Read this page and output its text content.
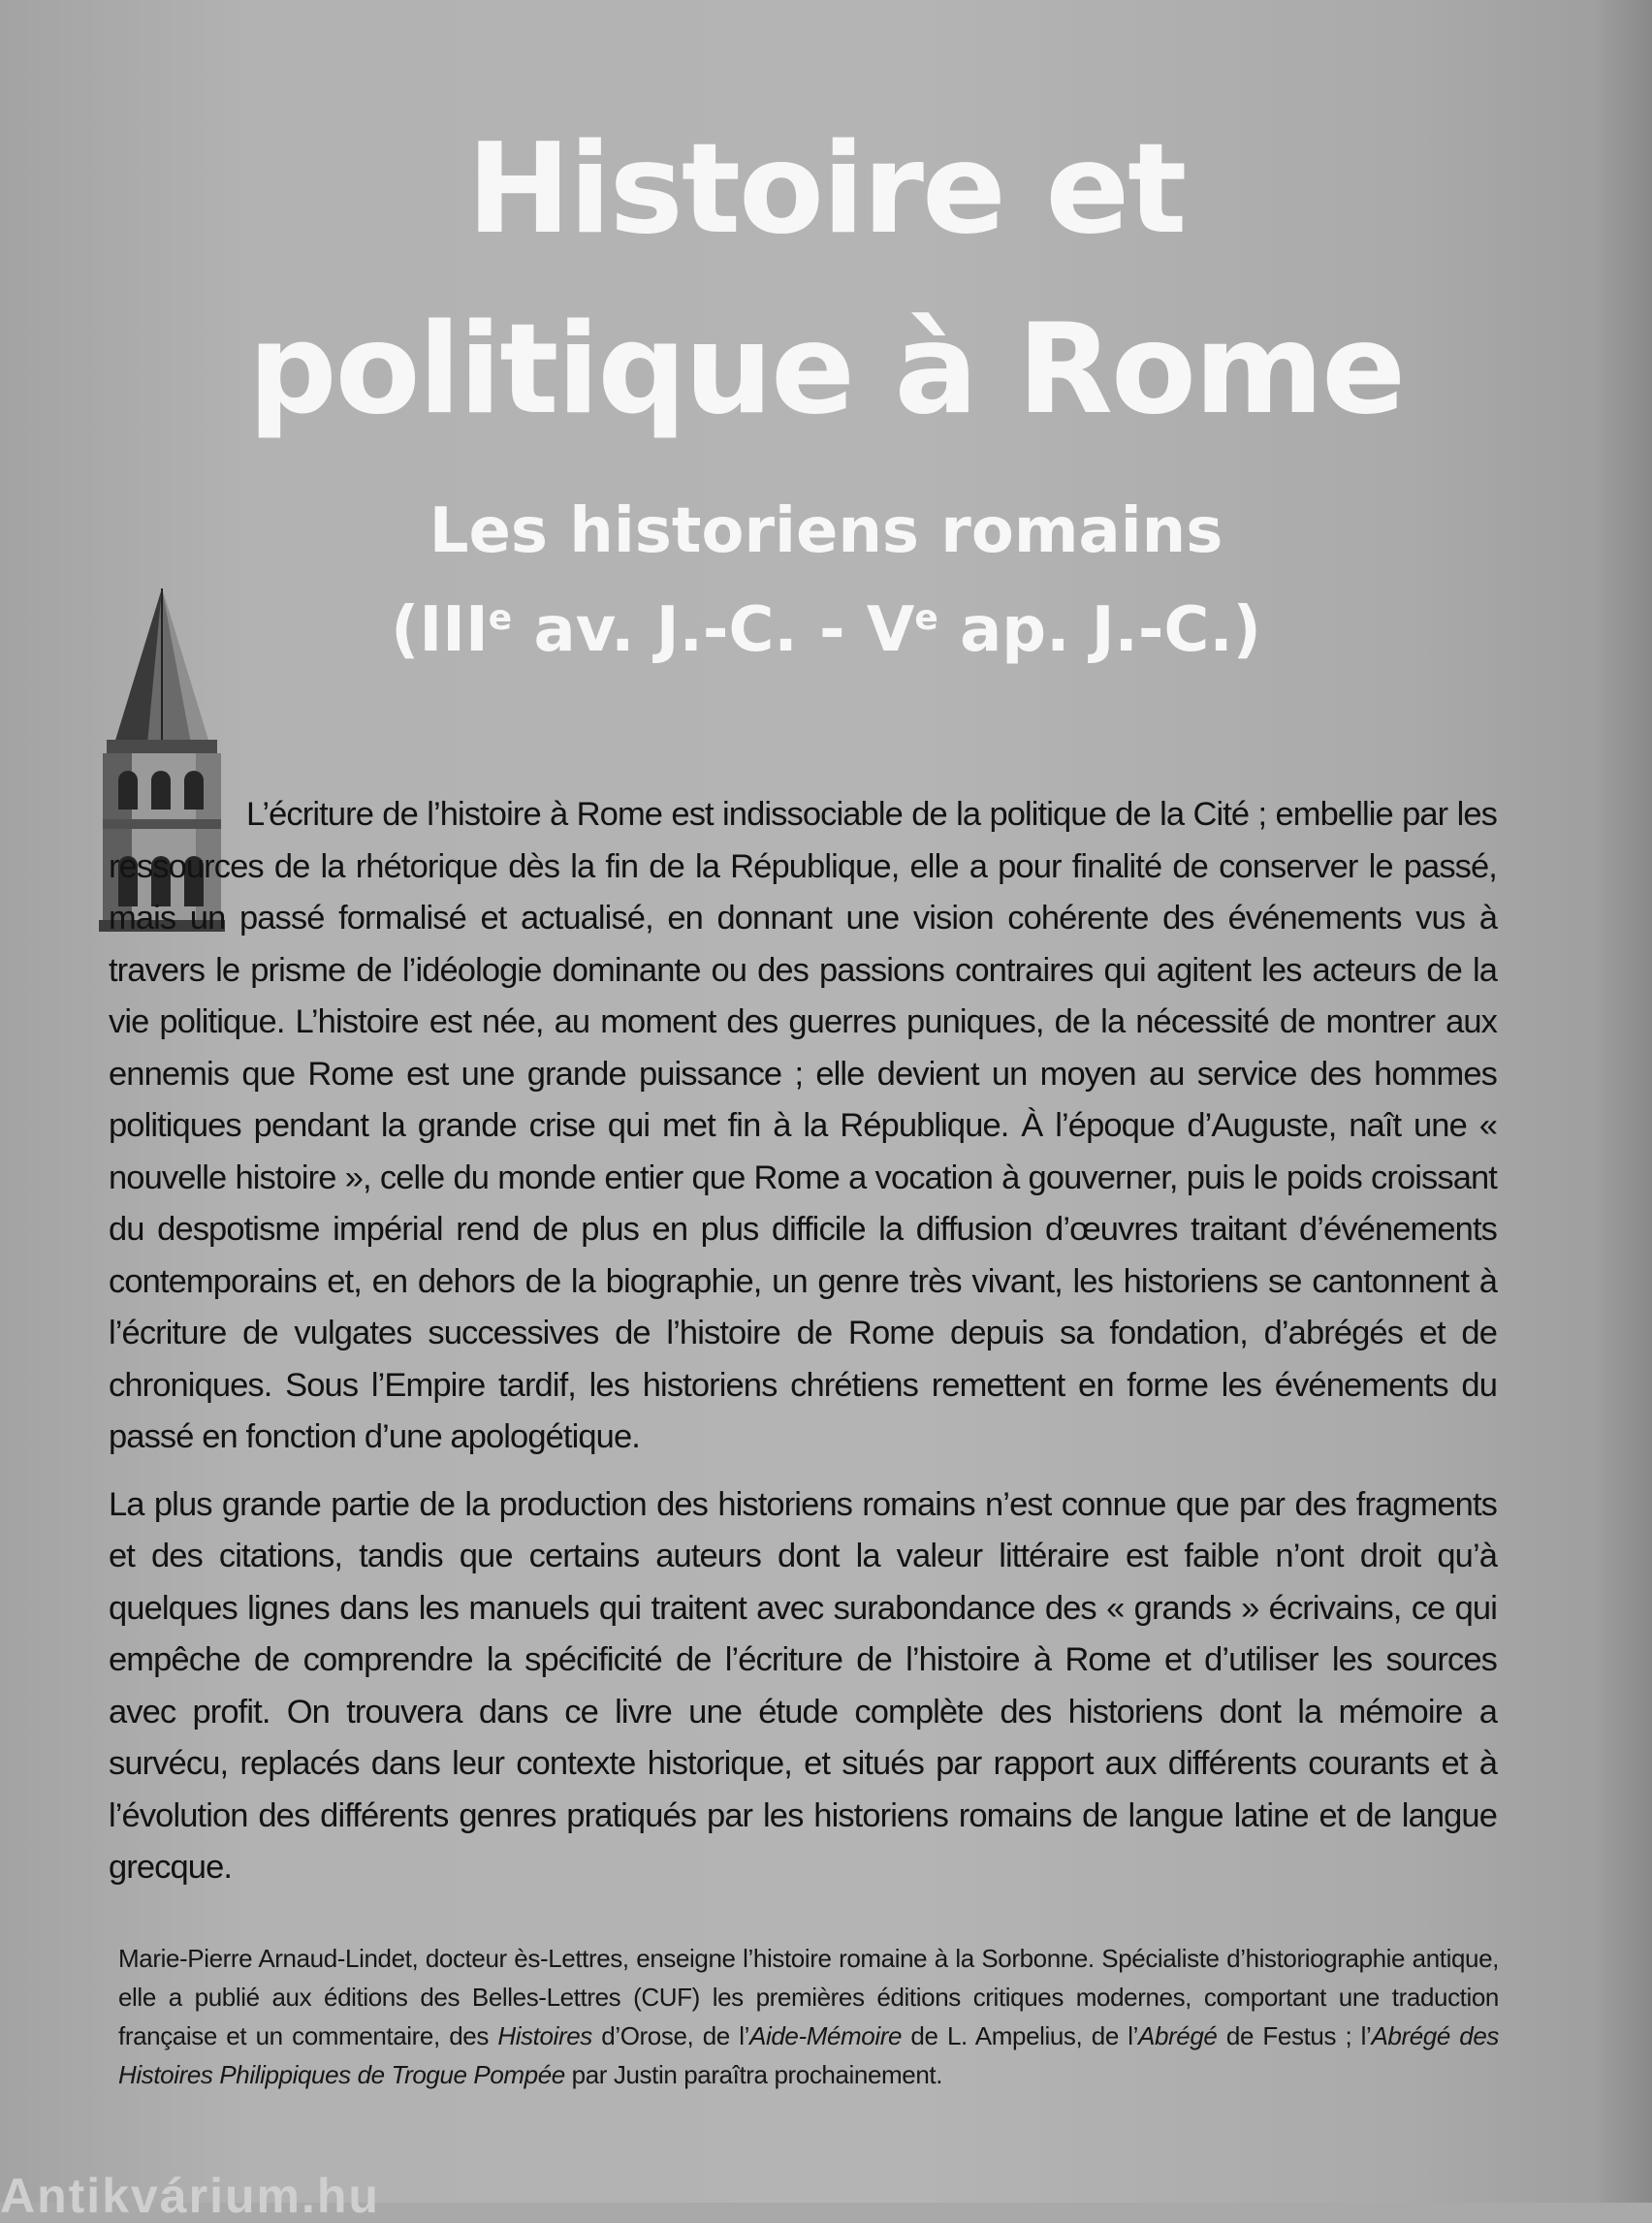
Histoire et
politique à Rome
Les historiens romains
(IIIe av. J.-C. - Ve ap. J.-C.)

L’écriture de l’histoire à Rome est indissociable de la politique de la Cité ; embellie par les ressources de la rhétorique dès la fin de la République, elle a pour finalité de conserver le passé, mais un passé formalisé et actualisé, en donnant une vision cohérente des événements vus à travers le prisme de l’idéologie dominante ou des passions contraires qui agitent les acteurs de la vie politique. L’histoire est née, au moment des guerres puniques, de la nécessité de montrer aux ennemis que Rome est une grande puissance ; elle devient un moyen au service des hommes politiques pendant la grande crise qui met fin à la République. À l’époque d’Auguste, naît une « nouvelle histoire », celle du monde entier que Rome a vocation à gouverner, puis le poids croissant du despotisme impérial rend de plus en plus difficile la diffusion d’œuvres traitant d’événements contemporains et, en dehors de la biographie, un genre très vivant, les historiens se cantonnent à l’écriture de vulgates successives de l’histoire de Rome depuis sa fondation, d’abrégés et de chroniques. Sous l’Empire tardif, les historiens chrétiens remettent en forme les événements du passé en fonction d’une apologétique.

La plus grande partie de la production des historiens romains n’est connue que par des fragments et des citations, tandis que certains auteurs dont la valeur littéraire est faible n’ont droit qu’à quelques lignes dans les manuels qui traitent avec surabondance des « grands » écrivains, ce qui empêche de comprendre la spécificité de l’écriture de l’histoire à Rome et d’utiliser les sources avec profit. On trouvera dans ce livre une étude complète des historiens dont la mémoire a survécu, replacés dans leur contexte historique, et situés par rapport aux différents courants et à l’évolution des différents genres pratiqués par les historiens romains de langue latine et de langue grecque.

Marie-Pierre Arnaud-Lindet, docteur ès-Lettres, enseigne l’histoire romaine à la Sorbonne. Spécialiste d’historiographie antique, elle a publié aux éditions des Belles-Lettres (CUF) les premières éditions critiques modernes, comportant une traduction française et un commentaire, des Histoires d’Orose, de l’Aide-Mémoire de L. Ampelius, de l’Abrégé de Festus ; l’Abrégé des Histoires Philippiques de Trogue Pompée par Justin paraîtra prochainement.

Antikvárium.hu
